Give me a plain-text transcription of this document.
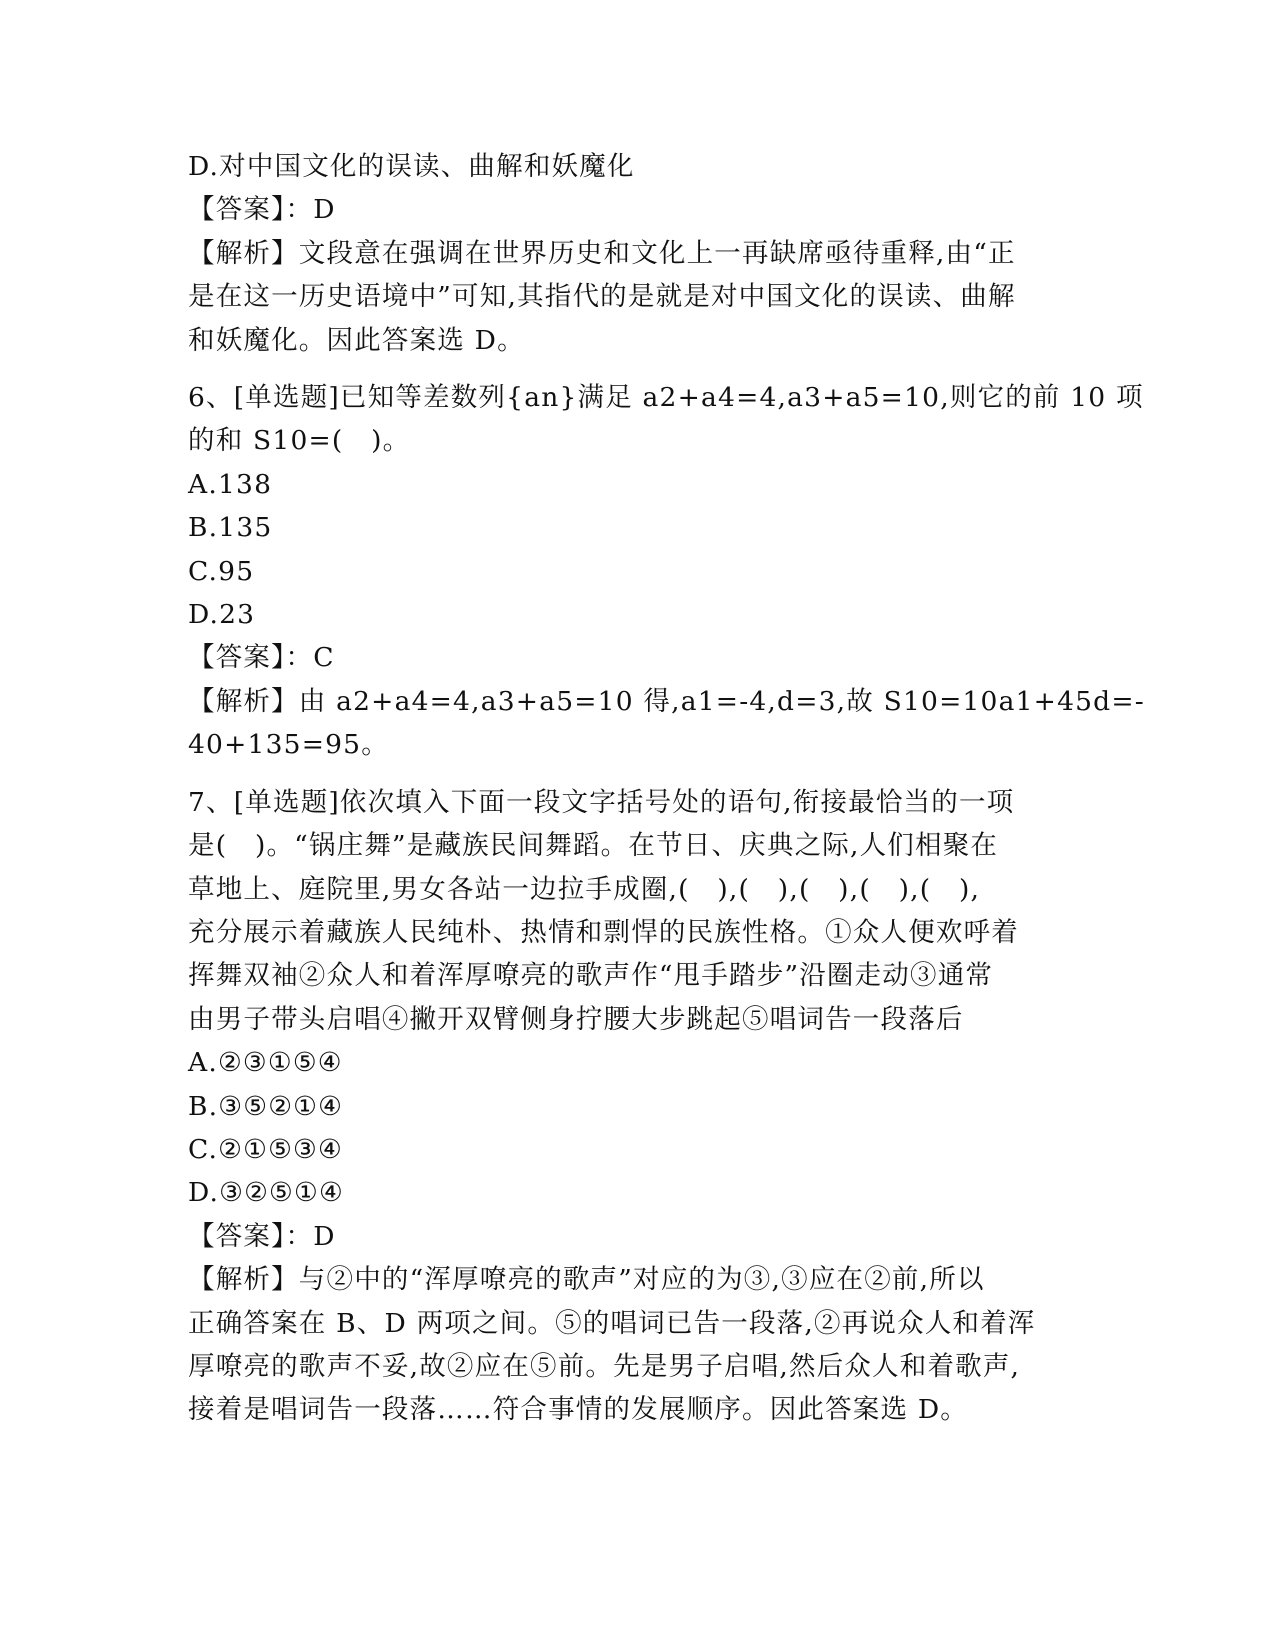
D.对中国文化的误读、曲解和妖魔化
【答案】：D
【解析】文段意在强调在世界历史和文化上一再缺席亟待重释,由“正
是在这一历史语境中”可知,其指代的是就是对中国文化的误读、曲解
和妖魔化。因此答案选 D。
6、[单选题]已知等差数列{an}满足 a2+a4=4,a3+a5=10,则它的前 10 项
的和 S10=(　)。
A.138
B.135
C.95
D.23
【答案】：C
【解析】由 a2+a4=4,a3+a5=10 得,a1=-4,d=3,故 S10=10a1+45d=-
40+135=95。
7、[单选题]依次填入下面一段文字括号处的语句,衔接最恰当的一项
是(　)。“锅庄舞”是藏族民间舞蹈。在节日、庆典之际,人们相聚在
草地上、庭院里,男女各站一边拉手成圈,(　),(　),(　),(　),(　),
充分展示着藏族人民纯朴、热情和剽悍的民族性格。①众人便欢呼着
挥舞双袖②众人和着浑厚嘹亮的歌声作“甩手踏步”沿圈走动③通常
由男子带头启唱④撇开双臂侧身拧腰大步跳起⑤唱词告一段落后
A.②③①⑤④
B.③⑤②①④
C.②①⑤③④
D.③②⑤①④
【答案】：D
【解析】与②中的“浑厚嘹亮的歌声”对应的为③,③应在②前,所以
正确答案在 B、D 两项之间。⑤的唱词已告一段落,②再说众人和着浑
厚嘹亮的歌声不妥,故②应在⑤前。先是男子启唱,然后众人和着歌声,
接着是唱词告一段落……符合事情的发展顺序。因此答案选 D。
